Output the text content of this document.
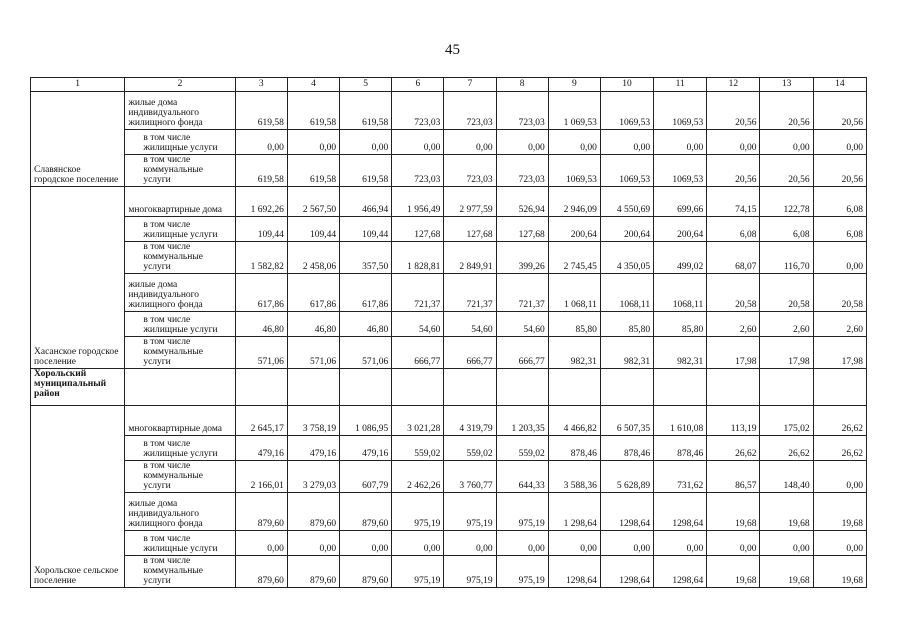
45
1	2	3	4	5	6	7	8	9	10	11	12	13	14
Славянское городское поселение	жилые дома индивидуального жилищного фонда	619,58	619,58	619,58	723,03	723,03	723,03	1 069,53	1069,53	1069,53	20,56	20,56	20,56
	в том числе жилищные услуги	0,00	0,00	0,00	0,00	0,00	0,00	0,00	0,00	0,00	0,00	0,00	0,00
	в том числе коммунальные услуги	619,58	619,58	619,58	723,03	723,03	723,03	1069,53	1069,53	1069,53	20,56	20,56	20,56
Хасанское городское поселение	многоквартирные дома	1 692,26	2 567,50	466,94	1 956,49	2 977,59	526,94	2 946,09	4 550,69	699,66	74,15	122,78	6,08
	в том числе жилищные услуги	109,44	109,44	109,44	127,68	127,68	127,68	200,64	200,64	200,64	6,08	6,08	6,08
	в том числе коммунальные услуги	1 582,82	2 458,06	357,50	1 828,81	2 849,91	399,26	2 745,45	4 350,05	499,02	68,07	116,70	0,00
	жилые дома индивидуального жилищного фонда	617,86	617,86	617,86	721,37	721,37	721,37	1 068,11	1068,11	1068,11	20,58	20,58	20,58
	в том числе жилищные услуги	46,80	46,80	46,80	54,60	54,60	54,60	85,80	85,80	85,80	2,60	2,60	2,60
	в том числе коммунальные услуги	571,06	571,06	571,06	666,77	666,77	666,77	982,31	982,31	982,31	17,98	17,98	17,98
Хорольский муниципальный район													
Хорольское сельское поселение	многоквартирные дома	2 645,17	3 758,19	1 086,95	3 021,28	4 319,79	1 203,35	4 466,82	6 507,35	1 610,08	113,19	175,02	26,62
	в том числе жилищные услуги	479,16	479,16	479,16	559,02	559,02	559,02	878,46	878,46	878,46	26,62	26,62	26,62
	в том числе коммунальные услуги	2 166,01	3 279,03	607,79	2 462,26	3 760,77	644,33	3 588,36	5 628,89	731,62	86,57	148,40	0,00
	жилые дома индивидуального жилищного фонда	879,60	879,60	879,60	975,19	975,19	975,19	1 298,64	1298,64	1298,64	19,68	19,68	19,68
	в том числе жилищные услуги	0,00	0,00	0,00	0,00	0,00	0,00	0,00	0,00	0,00	0,00	0,00	0,00
	в том числе коммунальные услуги	879,60	879,60	879,60	975,19	975,19	975,19	1298,64	1298,64	1298,64	19,68	19,68	19,68
